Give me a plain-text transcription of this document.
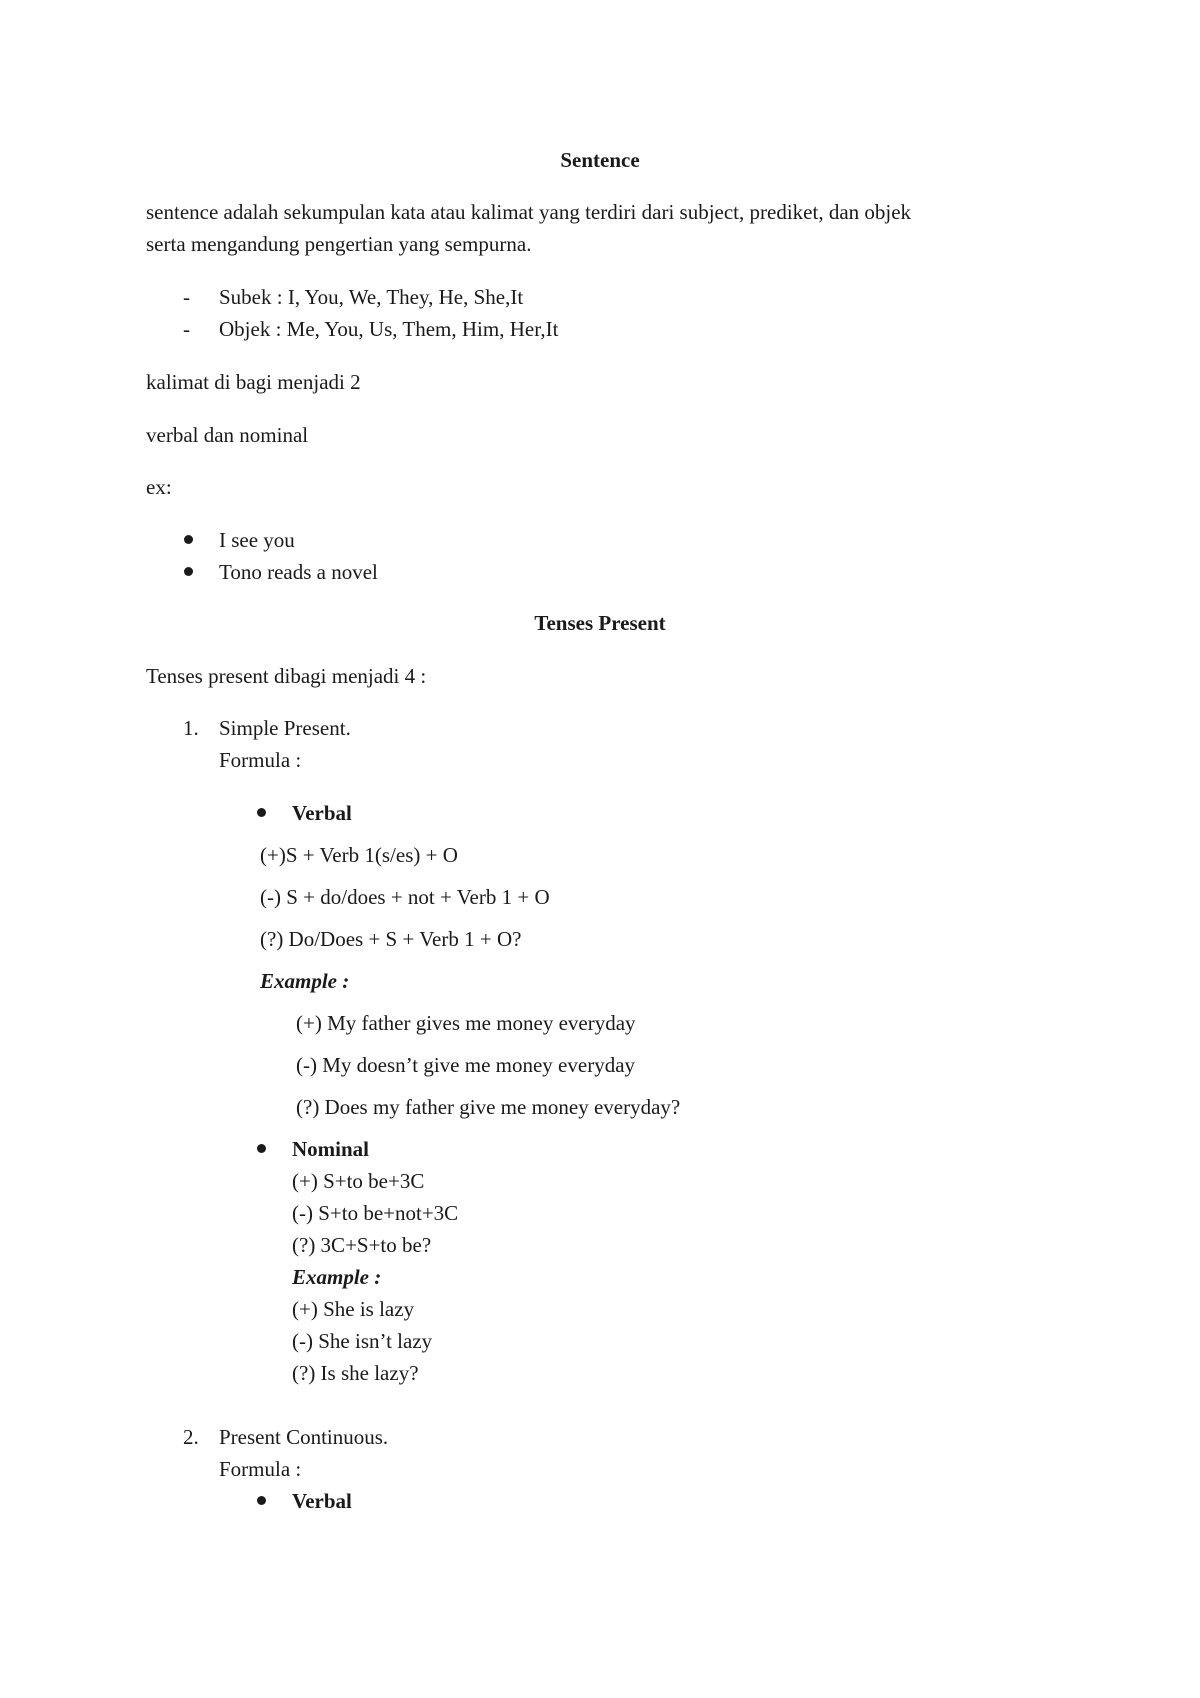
Sentence
sentence adalah sekumpulan kata atau kalimat yang terdiri dari subject, prediket, dan objek
serta mengandung pengertian yang sempurna.
- Subek : I, You, We, They, He, She,It
- Objek : Me, You, Us, Them, Him, Her,It
kalimat di bagi menjadi 2
verbal dan nominal
ex:
I see you
Tono reads a novel
Tenses Present
Tenses present dibagi menjadi 4 :
1. Simple Present.
Formula :
Verbal
(+)S + Verb 1(s/es) + O
(-) S + do/does + not + Verb 1 + O
(?) Do/Does + S + Verb 1 + O?
Example :
(+) My father gives me money everyday
(-) My doesn’t give me money everyday
(?) Does my father give me money everyday?
Nominal
(+) S+to be+3C
(-) S+to be+not+3C
(?) 3C+S+to be?
Example :
(+) She is lazy
(-) She isn’t lazy
(?) Is she lazy?
2. Present Continuous.
Formula :
Verbal
